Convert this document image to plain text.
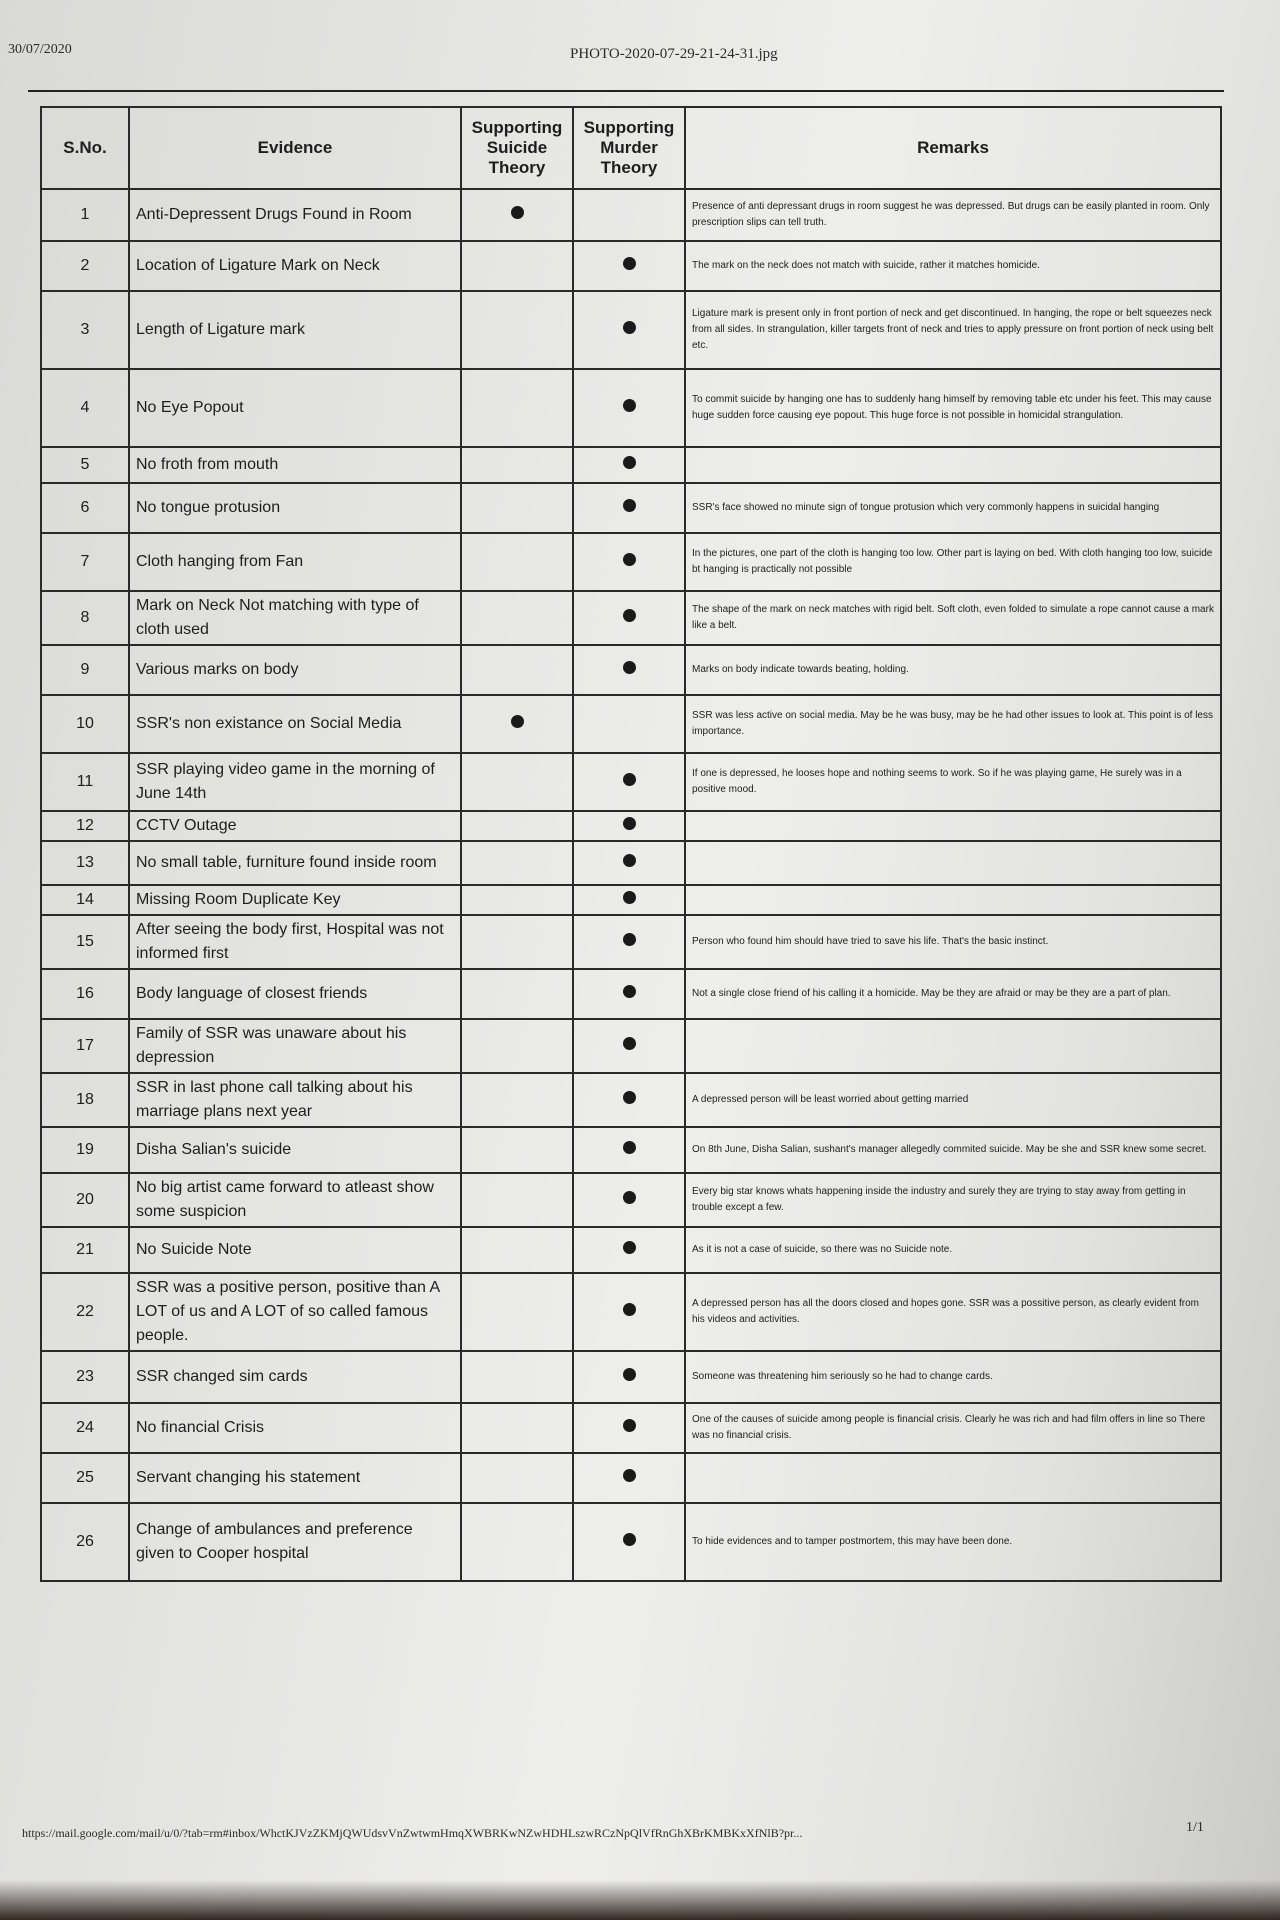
30/07/2020	PHOTO-2020-07-29-21-24-31.jpg
S.No.	Evidence	Supporting Suicide Theory	Supporting Murder Theory	Remarks
1	Anti-Depressent Drugs Found in Room			Presence of anti depressant drugs in room suggest he was depressed. But drugs can be easily planted in room. Only prescription slips can tell truth.
2	Location of Ligature Mark on Neck			The mark on the neck does not match with suicide, rather it matches homicide.
3	Length of Ligature mark			Ligature mark is present only in front portion of neck and get discontinued. In hanging, the rope or belt squeezes neck from all sides. In strangulation, killer targets front of neck and tries to apply pressure on front portion of neck using belt etc.
4	No Eye Popout			To commit suicide by hanging one has to suddenly hang himself by removing table etc under his feet. This may cause huge sudden force causing eye popout. This huge force is not possible in homicidal strangulation.
5	No froth from mouth			
6	No tongue protusion			SSR's face showed no minute sign of tongue protusion which very commonly happens in suicidal hanging
7	Cloth hanging from Fan			In the pictures, one part of the cloth is hanging too low. Other part is laying on bed. With cloth hanging too low, suicide bt hanging is practically not possible
8	Mark on Neck Not matching with type of cloth used			The shape of the mark on neck matches with rigid belt. Soft cloth, even folded to simulate a rope cannot cause a mark like a belt.
9	Various marks on body			Marks on body indicate towards beating, holding.
10	SSR's non existance on Social Media			SSR was less active on social media. May be he was busy, may be he had other issues to look at. This point is of less importance.
11	SSR playing video game in the morning of June 14th			If one is depressed, he looses hope and nothing seems to work. So if he was playing game, He surely was in a positive mood.
12	CCTV Outage			
13	No small table, furniture found inside room			
14	Missing Room Duplicate Key			
15	After seeing the body first, Hospital was not informed first			Person who found him should have tried to save his life. That's the basic instinct.
16	Body language of closest friends			Not a single close friend of his calling it a homicide. May be they are afraid or may be they are a part of plan.
17	Family of SSR was unaware about his depression			
18	SSR in last phone call talking about his marriage plans next year			A depressed person will be least worried about getting married
19	Disha Salian's suicide			On 8th June, Disha Salian, sushant's manager allegedly commited suicide. May be she and SSR knew some secret.
20	No big artist came forward to atleast show some suspicion			Every big star knows whats happening inside the industry and surely they are trying to stay away from getting in trouble except a few.
21	No Suicide Note			As it is not a case of suicide, so there was no Suicide note.
22	SSR was a positive person, positive than A LOT of us and A LOT of so called famous people.			A depressed person has all the doors closed and hopes gone. SSR was a possitive person, as clearly evident from his videos and activities.
23	SSR changed sim cards			Someone was threatening him seriously so he had to change cards.
24	No financial Crisis			One of the causes of suicide among people is financial crisis. Clearly he was rich and had film offers in line so There was no financial crisis.
25	Servant changing his statement			
26	Change of ambulances and preference given to Cooper hospital			To hide evidences and to tamper postmortem, this may have been done.
https://mail.google.com/mail/u/0/?tab=rm#inbox/WhctKJVzZKMjQWUdsvVnZwtwmHmqXWBRKwNZwHDHLszwRCzNpQlVfRnGhXBrKMBKxXfNlB?pr...	1/1
